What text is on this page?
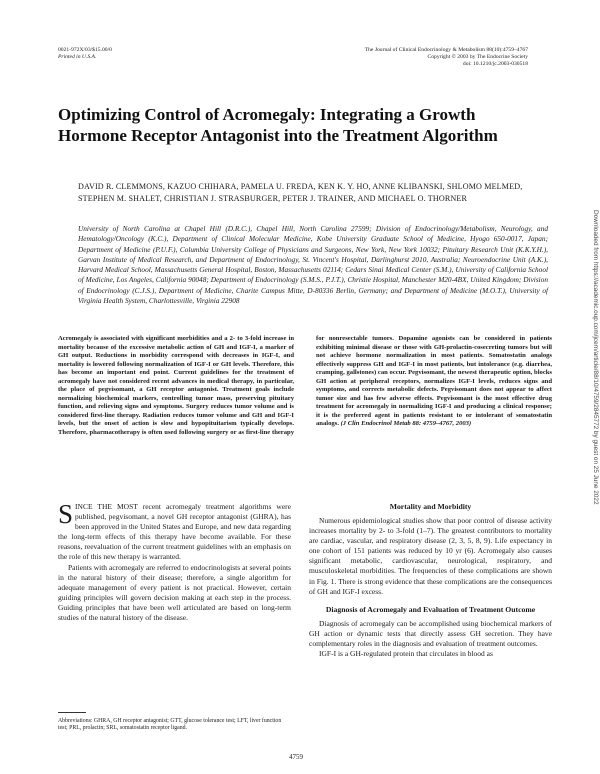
0021-972X/03/$15.00/0
Printed in U.S.A.
The Journal of Clinical Endocrinology & Metabolism 88(10):4759–4767
Copyright © 2003 by The Endocrine Society
doi: 10.1210/jc.2003-030518
Optimizing Control of Acromegaly: Integrating a Growth Hormone Receptor Antagonist into the Treatment Algorithm
DAVID R. CLEMMONS, KAZUO CHIHARA, PAMELA U. FREDA, KEN K. Y. HO, ANNE KLIBANSKI, SHLOMO MELMED, STEPHEN M. SHALET, CHRISTIAN J. STRASBURGER, PETER J. TRAINER, AND MICHAEL O. THORNER
University of North Carolina at Chapel Hill (D.R.C.), Chapel Hill, North Carolina 27599; Division of Endocrinology/Metabolism, Neurology, and Hematology/Oncology (K.C.), Department of Clinical Molecular Medicine, Kobe University Graduate School of Medicine, Hyogo 650-0017, Japan; Department of Medicine (P.U.F.), Columbia University College of Physicians and Surgeons, New York, New York 10032; Pituitary Research Unit (K.K.Y.H.), Garvan Institute of Medical Research, and Department of Endocrinology, St. Vincent's Hospital, Darlinghurst 2010, Australia; Neuroendocrine Unit (A.K.), Harvard Medical School, Massachusetts General Hospital, Boston, Massachusetts 02114; Cedars Sinai Medical Center (S.M.), University of California School of Medicine, Los Angeles, California 90048; Department of Endocrinology (S.M.S., P.J.T.), Christie Hospital, Manchester M20-4BX, United Kingdom; Division of Endocrinology (C.J.S.), Department of Medicine, Charite Campus Mitte, D-80336 Berlin, Germany; and Department of Medicine (M.O.T.), University of Virginia Health System, Charlottesville, Virginia 22908
Acromegaly is associated with significant morbidities and a 2- to 3-fold increase in mortality because of the excessive metabolic action of GH and IGF-I, a marker of GH output. Reductions in morbidity correspond with decreases in IGF-I, and mortality is lowered following normalization of IGF-I or GH levels. Therefore, this has become an important end point. Current guidelines for the treatment of acromegaly have not considered recent advances in medical therapy, in particular, the place of pegvisomant, a GH receptor antagonist. Treatment goals include normalizing biochemical markers, controlling tumor mass, preserving pituitary function, and relieving signs and symptoms. Surgery reduces tumor volume and is considered first-line therapy. Radiation reduces tumor volume and GH and IGF-I levels, but the onset of action is slow and hypopituitarism typically develops. Therefore, pharmacotherapy is often used following surgery or as first-line therapy for nonresectable tumors. Dopamine agonists can be considered in patients exhibiting minimal disease or those with GH-prolactin-cosecreting tumors but will not achieve hormone normalization in most patients. Somatostatin analogs effectively suppress GH and IGF-I in most patients, but intolerance (e.g. diarrhea, cramping, gallstones) can occur. Pegvisomant, the newest therapeutic option, blocks GH action at peripheral receptors, normalizes IGF-I levels, reduces signs and symptoms, and corrects metabolic defects. Pegvisomant does not appear to affect tumor size and has few adverse effects. Pegvisomant is the most effective drug treatment for acromegaly in normalizing IGF-I and producing a clinical response; it is the preferred agent in patients resistant to or intolerant of somatostatin analogs. (J Clin Endocrinol Metab 88: 4759–4767, 2003)

SINCE THE MOST recent acromegaly treatment algorithms were published, pegvisomant, a novel GH receptor antagonist (GHRA), has been approved in the United States and Europe, and new data regarding the long-term effects of this therapy have become available. For these reasons, reevaluation of the current treatment guidelines with an emphasis on the role of this new therapy is warranted.

Patients with acromegaly are referred to endocrinologists at several points in the natural history of their disease; therefore, a single algorithm for adequate management of every patient is not practical. However, certain guiding principles will govern decision making at each step in the process. Guiding principles that have been well articulated are based on long-term studies of the natural history of the disease.

Mortality and Morbidity

Numerous epidemiological studies show that poor control of disease activity increases mortality by 2- to 3-fold (1–7). The greatest contributors to mortality are cardiac, vascular, and respiratory disease (2, 3, 5, 8, 9). Life expectancy in one cohort of 151 patients was reduced by 10 yr (6). Acromegaly also causes significant metabolic, cardiovascular, neurological, respiratory, and musculoskeletal morbidities. The frequencies of these complications are shown in Fig. 1. There is strong evidence that these complications are the consequences of GH and IGF-I excess.

Diagnosis of Acromegaly and Evaluation of Treatment Outcome

Diagnosis of acromegaly can be accomplished using biochemical markers of GH action or dynamic tests that directly assess GH secretion. They have complementary roles in the diagnosis and evaluation of treatment outcomes.

IGF-I is a GH-regulated protein that circulates in blood as

Abbreviations: GHRA, GH receptor antagonist; GTT, glucose tolerance test; LFT, liver function test; PRL, prolactin; SRL, somatostatin receptor ligand.
4759
Downloaded from https://academic.oup.com/jcem/article/88/10/4759/2845772 by guest on 25 June 2022
